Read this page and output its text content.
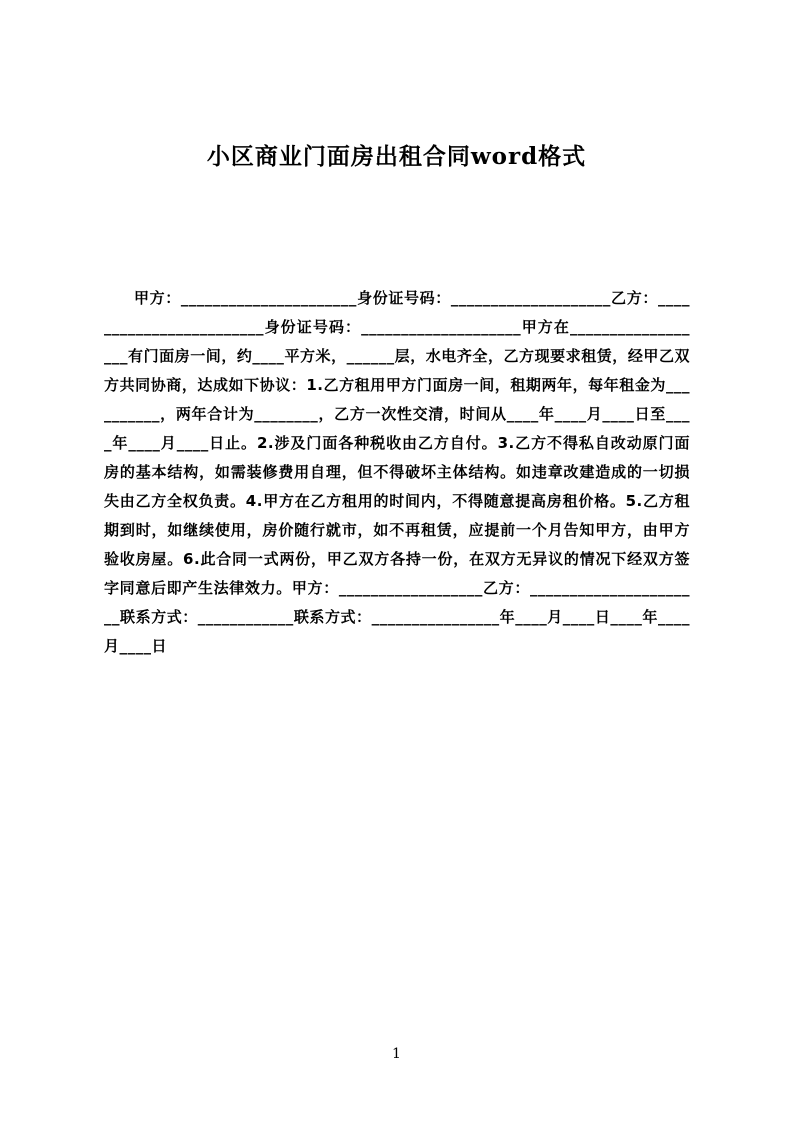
小区商业门面房出租合同word格式

甲方：______________________身份证号码：____________________乙方：________________________身份证号码：____________________甲方在__________________有门面房一间，约____平方米，______层，水电齐全，乙方现要求租赁，经甲乙双方共同协商，达成如下协议：1.乙方租用甲方门面房一间，租期两年，每年租金为__________，两年合计为________，乙方一次性交清，时间从____年____月____日至____年____月____日止。2.涉及门面各种税收由乙方自付。3.乙方不得私自改动原门面房的基本结构，如需装修费用自理，但不得破坏主体结构。如违章改建造成的一切损失由乙方全权负责。4.甲方在乙方租用的时间内，不得随意提高房租价格。5.乙方租期到时，如继续使用，房价随行就市，如不再租赁，应提前一个月告知甲方，由甲方验收房屋。6.此合同一式两份，甲乙双方各持一份，在双方无异议的情况下经双方签字同意后即产生法律效力。甲方：__________________乙方：______________________联系方式：____________联系方式：________________年____月____日____年____月____日

1
